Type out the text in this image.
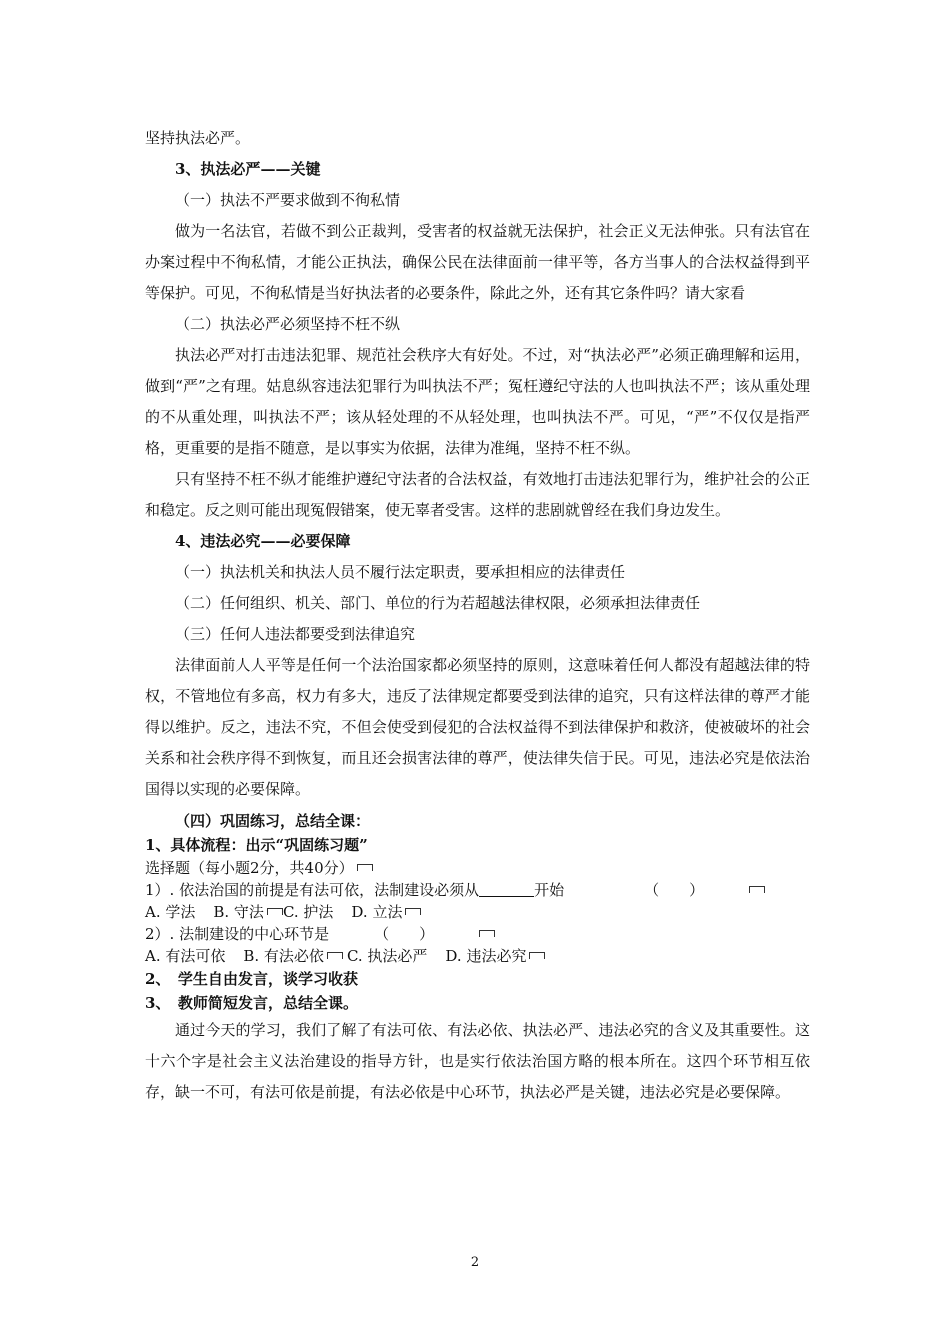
坚持执法必严。

3、执法必严——关键

（一）执法不严要求做到不徇私情

做为一名法官，若做不到公正裁判，受害者的权益就无法保护，社会正义无法伸张。只有法官在办案过程中不徇私情，才能公正执法，确保公民在法律面前一律平等，各方当事人的合法权益得到平等保护。可见，不徇私情是当好执法者的必要条件，除此之外，还有其它条件吗？请大家看

（二）执法必严必须坚持不枉不纵

执法必严对打击违法犯罪、规范社会秩序大有好处。不过，对“执法必严”必须正确理解和运用，做到“严”之有理。姑息纵容违法犯罪行为叫执法不严；冤枉遵纪守法的人也叫执法不严；该从重处理的不从重处理，叫执法不严；该从轻处理的不从轻处理，也叫执法不严。可见，“严”不仅仅是指严格，更重要的是指不随意，是以事实为依据，法律为准绳，坚持不枉不纵。

只有坚持不枉不纵才能维护遵纪守法者的合法权益，有效地打击违法犯罪行为，维护社会的公正和稳定。反之则可能出现冤假错案，使无辜者受害。这样的悲剧就曾经在我们身边发生。

4、违法必究——必要保障

（一）执法机关和执法人员不履行法定职责，要承担相应的法律责任

（二）任何组织、机关、部门、单位的行为若超越法律权限，必须承担法律责任

（三）任何人违法都要受到法律追究

法律面前人人平等是任何一个法治国家都必须坚持的原则，这意味着任何人都没有超越法律的特权，不管地位有多高，权力有多大，违反了法律规定都要受到法律的追究，只有这样法律的尊严才能得以维护。反之，违法不究，不但会使受到侵犯的合法权益得不到法律保护和救济，使被破坏的社会关系和社会秩序得不到恢复，而且还会损害法律的尊严，使法律失信于民。可见，违法必究是依法治国得以实现的必要保障。

（四）巩固练习，总结全课：

1、具体流程：出示“巩固练习题”

选择题（每小题2分，共40分）

1）. 依法治国的前提是有法可依，法制建设必须从	开始	（　　）

A. 学法 B. 守法 C. 护法 D. 立法

2）. 法制建设的中心环节是	（　　）

A. 有法可依 B. 有法必依 C. 执法必严 D. 违法必究

2、　学生自由发言，谈学习收获

3、　教师简短发言，总结全课。

通过今天的学习，我们了解了有法可依、有法必依、执法必严、违法必究的含义及其重要性。这十六个字是社会主义法治建设的指导方针，也是实行依法治国方略的根本所在。这四个环节相互依存，缺一不可，有法可依是前提，有法必依是中心环节，执法必严是关键，违法必究是必要保障。

2
